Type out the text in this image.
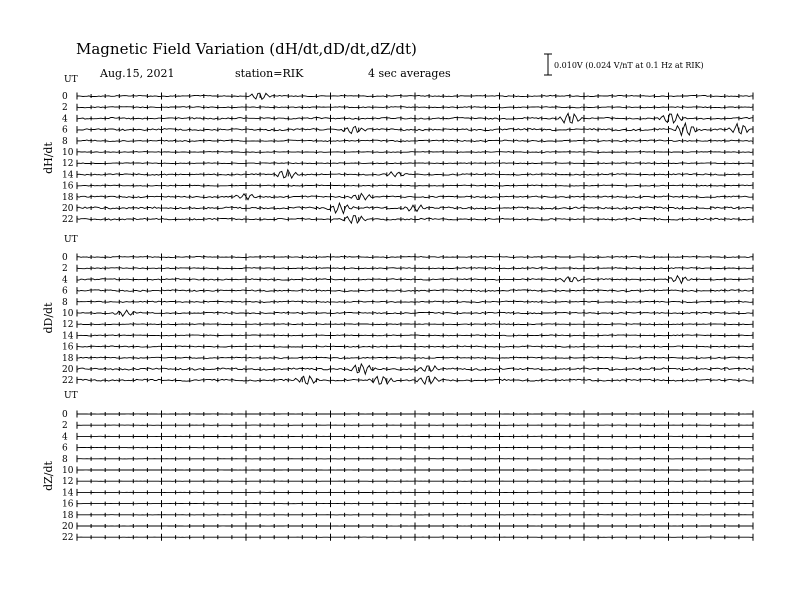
Magnetic Field Variation (dH/dt,dD/dt,dZ/dt)
Aug.15, 2021	station=RIK	4 sec averages
0.010V (0.024 V/nT at 0.1 Hz at RIK)
UT
dH/dt
0
2
4
6
8
10
12
14
16
18
20
22
UT
dD/dt
0
2
4
6
8
10
12
14
16
18
20
22
UT
dZ/dt
0
2
4
6
8
10
12
14
16
18
20
22
